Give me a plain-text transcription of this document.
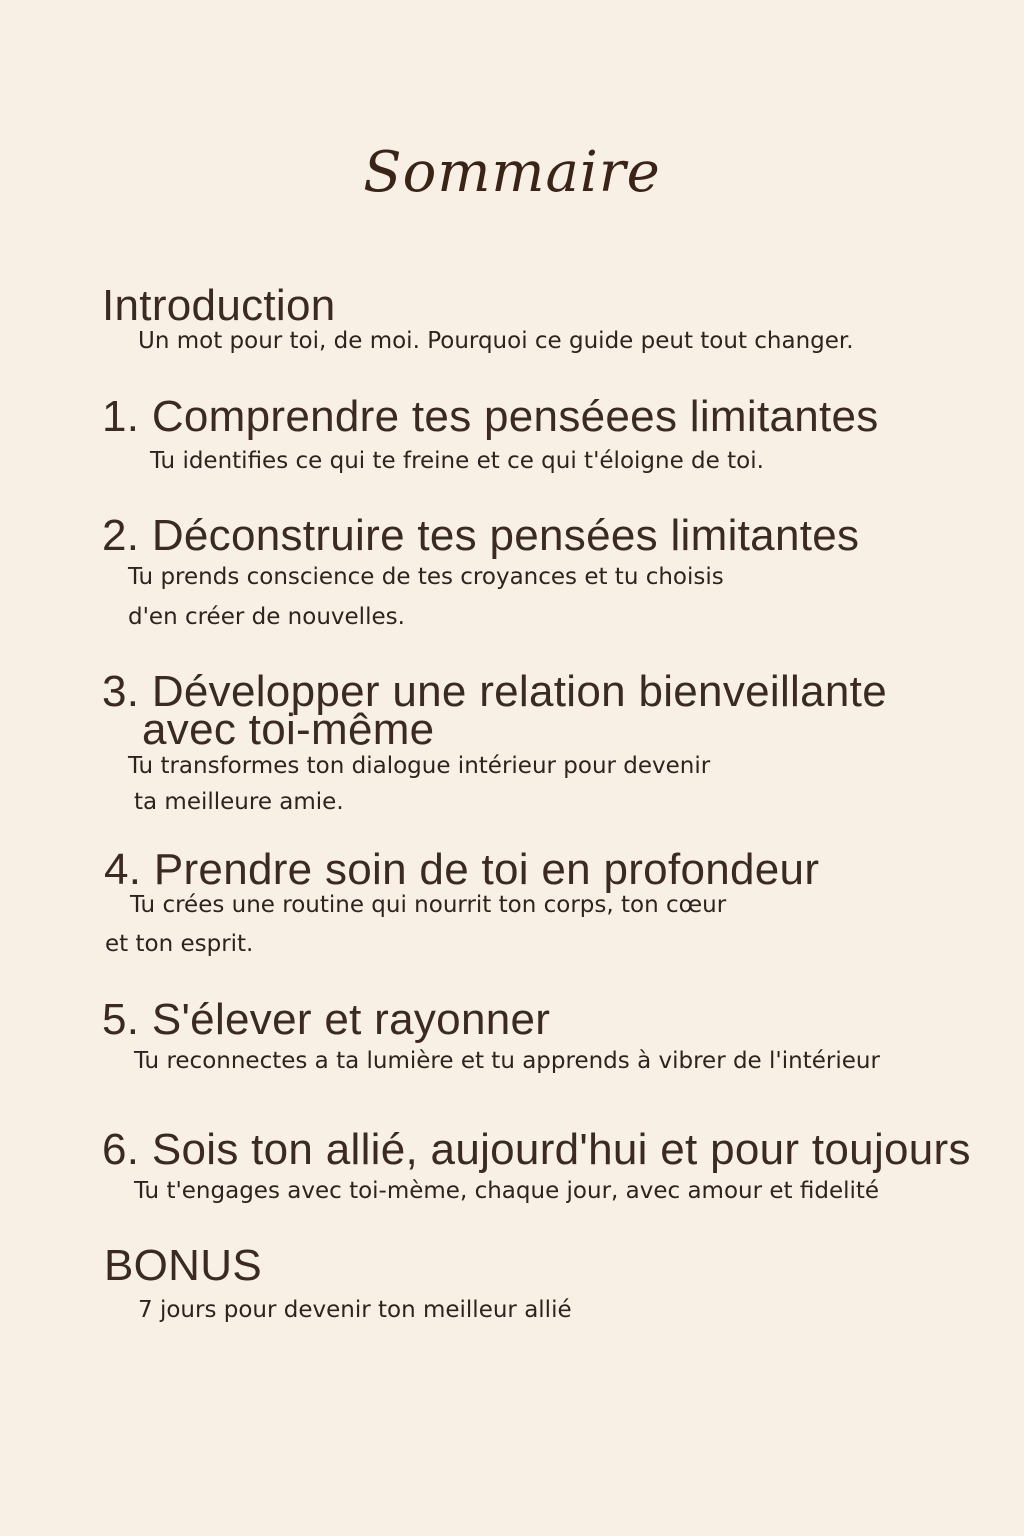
Sommaire
Introduction
Un mot pour toi, de moi. Pourquoi ce guide peut tout changer.
1. Comprendre tes penséees limitantes
Tu identifies ce qui te freine et ce qui t'éloigne de toi.
2. Déconstruire tes pensées limitantes
Tu prends conscience de tes croyances et tu choisis
d'en créer de nouvelles.
3. Développer une relation bienveillante
avec toi-même
Tu transformes ton dialogue intérieur pour devenir
ta meilleure amie.
4. Prendre soin de toi en profondeur
Tu crées une routine qui nourrit ton corps, ton cœur
et ton esprit.
5. S'élever et rayonner
Tu reconnectes a ta lumière et tu apprends à vibrer de l'intérieur
6. Sois ton allié, aujourd'hui et pour toujours
Tu t'engages avec toi-mème, chaque jour, avec amour et fidelité
BONUS
7 jours pour devenir ton meilleur allié
